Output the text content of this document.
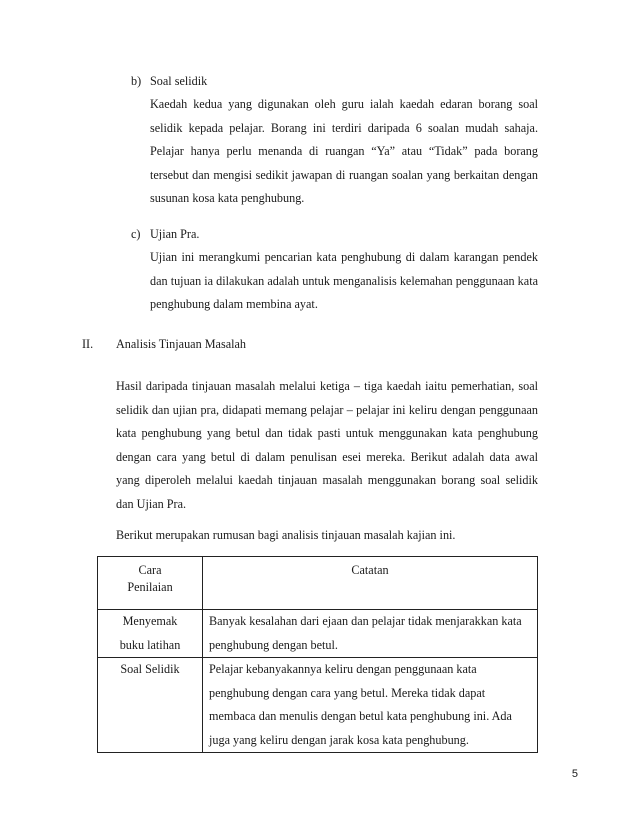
b) Soal selidik

Kaedah kedua yang digunakan oleh guru ialah kaedah edaran borang soal selidik kepada pelajar. Borang ini terdiri daripada 6 soalan mudah sahaja. Pelajar hanya perlu menanda di ruangan “Ya” atau “Tidak” pada borang tersebut dan mengisi sedikit jawapan di ruangan soalan yang berkaitan dengan susunan kosa kata penghubung.

c) Ujian Pra.

Ujian ini merangkumi pencarian kata penghubung di dalam karangan pendek dan tujuan ia dilakukan adalah untuk menganalisis kelemahan penggunaan kata penghubung dalam membina ayat.

II. Analisis Tinjauan Masalah

Hasil daripada tinjauan masalah melalui ketiga – tiga kaedah iaitu pemerhatian, soal selidik dan ujian pra, didapati memang pelajar – pelajar ini keliru dengan penggunaan kata penghubung yang betul dan tidak pasti untuk menggunakan kata penghubung dengan cara yang betul di dalam penulisan esei mereka. Berikut adalah data awal yang diperoleh melalui kaedah tinjauan masalah menggunakan borang soal selidik dan Ujian Pra.

Berikut merupakan rumusan bagi analisis tinjauan masalah kajian ini.
Cara
Penilaian	Catatan

Menyemak
buku latihan	Banyak kesalahan dari ejaan dan pelajar tidak menjarakkan kata penghubung dengan betul.

Soal Selidik	Pelajar kebanyakannya keliru dengan penggunaan kata penghubung dengan cara yang betul. Mereka tidak dapat membaca dan menulis dengan betul kata penghubung ini. Ada juga yang keliru dengan jarak kosa kata penghubung.
5
